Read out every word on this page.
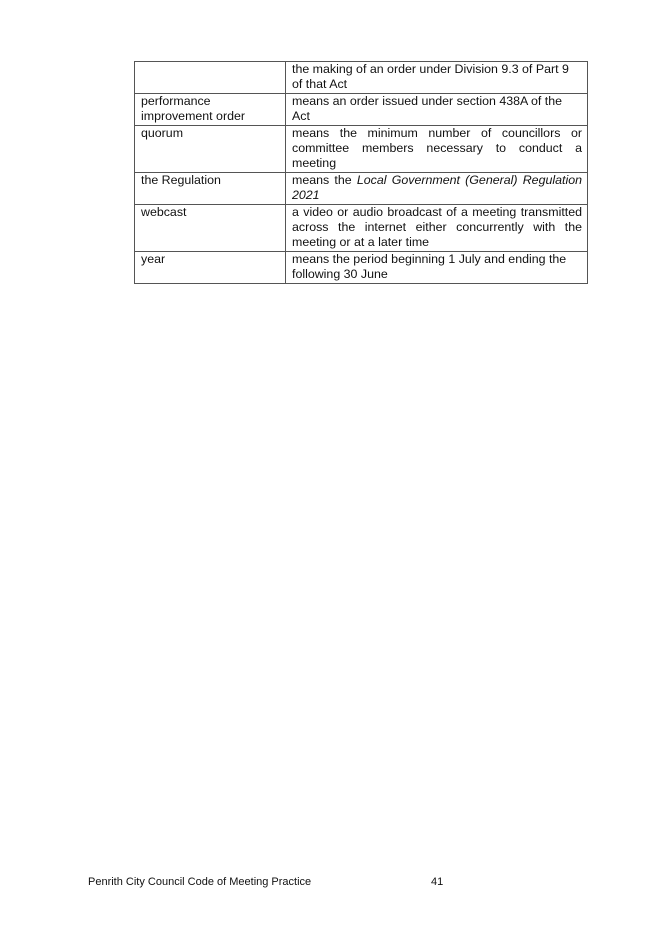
	the making of an order under Division 9.3 of Part 9 of that Act
performance improvement order	means an order issued under section 438A of the Act
quorum	means the minimum number of councillors or committee members necessary to conduct a meeting
the Regulation	means the Local Government (General) Regulation 2021
webcast	a video or audio broadcast of a meeting transmitted across the internet either concurrently with the meeting or at a later time
year	means the period beginning 1 July and ending the following 30 June
Penrith City Council Code of Meeting Practice	41
